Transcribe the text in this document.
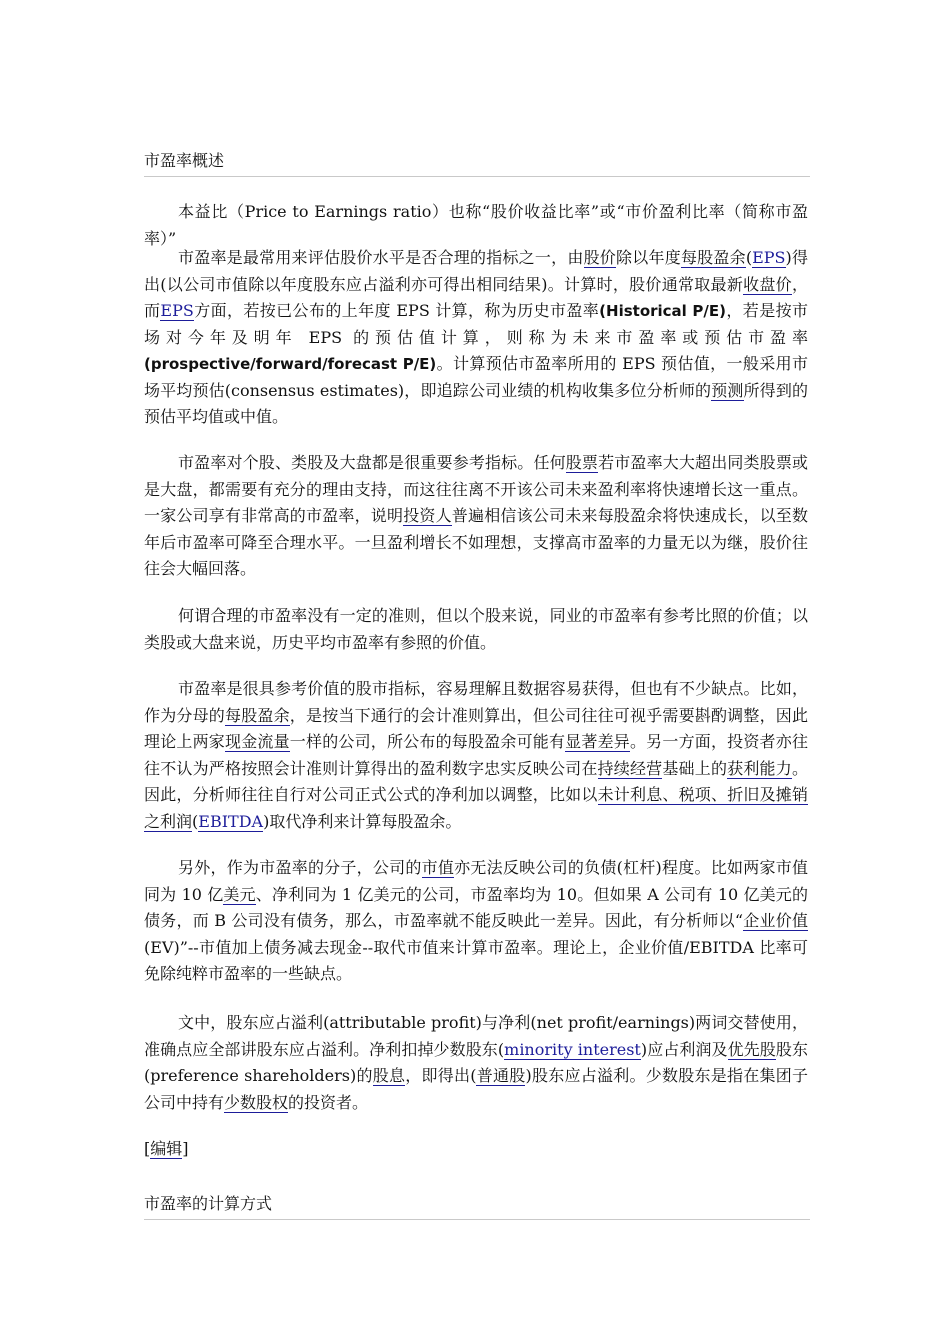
市盈率概述

本益比（Price to Earnings ratio）也称“股价收益比率”或“市价盈利比率（简称市盈率）”

市盈率是最常用来评估股价水平是否合理的指标之一，由股价除以年度每股盈余(EPS)得出(以公司市值除以年度股东应占溢利亦可得出相同结果)。计算时，股价通常取最新收盘价，而EPS方面，若按已公布的上年度 EPS 计算，称为历史市盈率(Historical P/E)，若是按市场对今年及明年 EPS 的预估值计算，则称为未来市盈率或预估市盈率(prospective/forward/forecast P/E)。计算预估市盈率所用的 EPS 预估值，一般采用市场平均预估(consensus estimates)，即追踪公司业绩的机构收集多位分析师的预测所得到的预估平均值或中值。

市盈率对个股、类股及大盘都是很重要参考指标。任何股票若市盈率大大超出同类股票或是大盘，都需要有充分的理由支持，而这往往离不开该公司未来盈利率将快速增长这一重点。一家公司享有非常高的市盈率，说明投资人普遍相信该公司未来每股盈余将快速成长，以至数年后市盈率可降至合理水平。一旦盈利增长不如理想，支撑高市盈率的力量无以为继，股价往往会大幅回落。

何谓合理的市盈率没有一定的准则，但以个股来说，同业的市盈率有参考比照的价值；以类股或大盘来说，历史平均市盈率有参照的价值。

市盈率是很具参考价值的股市指标，容易理解且数据容易获得，但也有不少缺点。比如，作为分母的每股盈余，是按当下通行的会计准则算出，但公司往往可视乎需要斟酌调整，因此理论上两家现金流量一样的公司，所公布的每股盈余可能有显著差异。另一方面，投资者亦往往不认为严格按照会计准则计算得出的盈利数字忠实反映公司在持续经营基础上的获利能力。因此，分析师往往自行对公司正式公式的净利加以调整，比如以未计利息、税项、折旧及摊销之利润(EBITDA)取代净利来计算每股盈余。

另外，作为市盈率的分子，公司的市值亦无法反映公司的负债(杠杆)程度。比如两家市值同为 10 亿美元、净利同为 1 亿美元的公司，市盈率均为 10。但如果 A 公司有 10 亿美元的债务，而 B 公司没有债务，那么，市盈率就不能反映此一差异。因此，有分析师以“企业价值(EV)”--市值加上债务减去现金--取代市值来计算市盈率。理论上，企业价值/EBITDA 比率可免除纯粹市盈率的一些缺点。

文中，股东应占溢利(attributable profit)与净利(net profit/earnings)两词交替使用，准确点应全部讲股东应占溢利。净利扣掉少数股东(minority interest)应占利润及优先股股东(preference shareholders)的股息，即得出(普通股)股东应占溢利。少数股东是指在集团子公司中持有少数股权的投资者。

[编辑]

市盈率的计算方式
